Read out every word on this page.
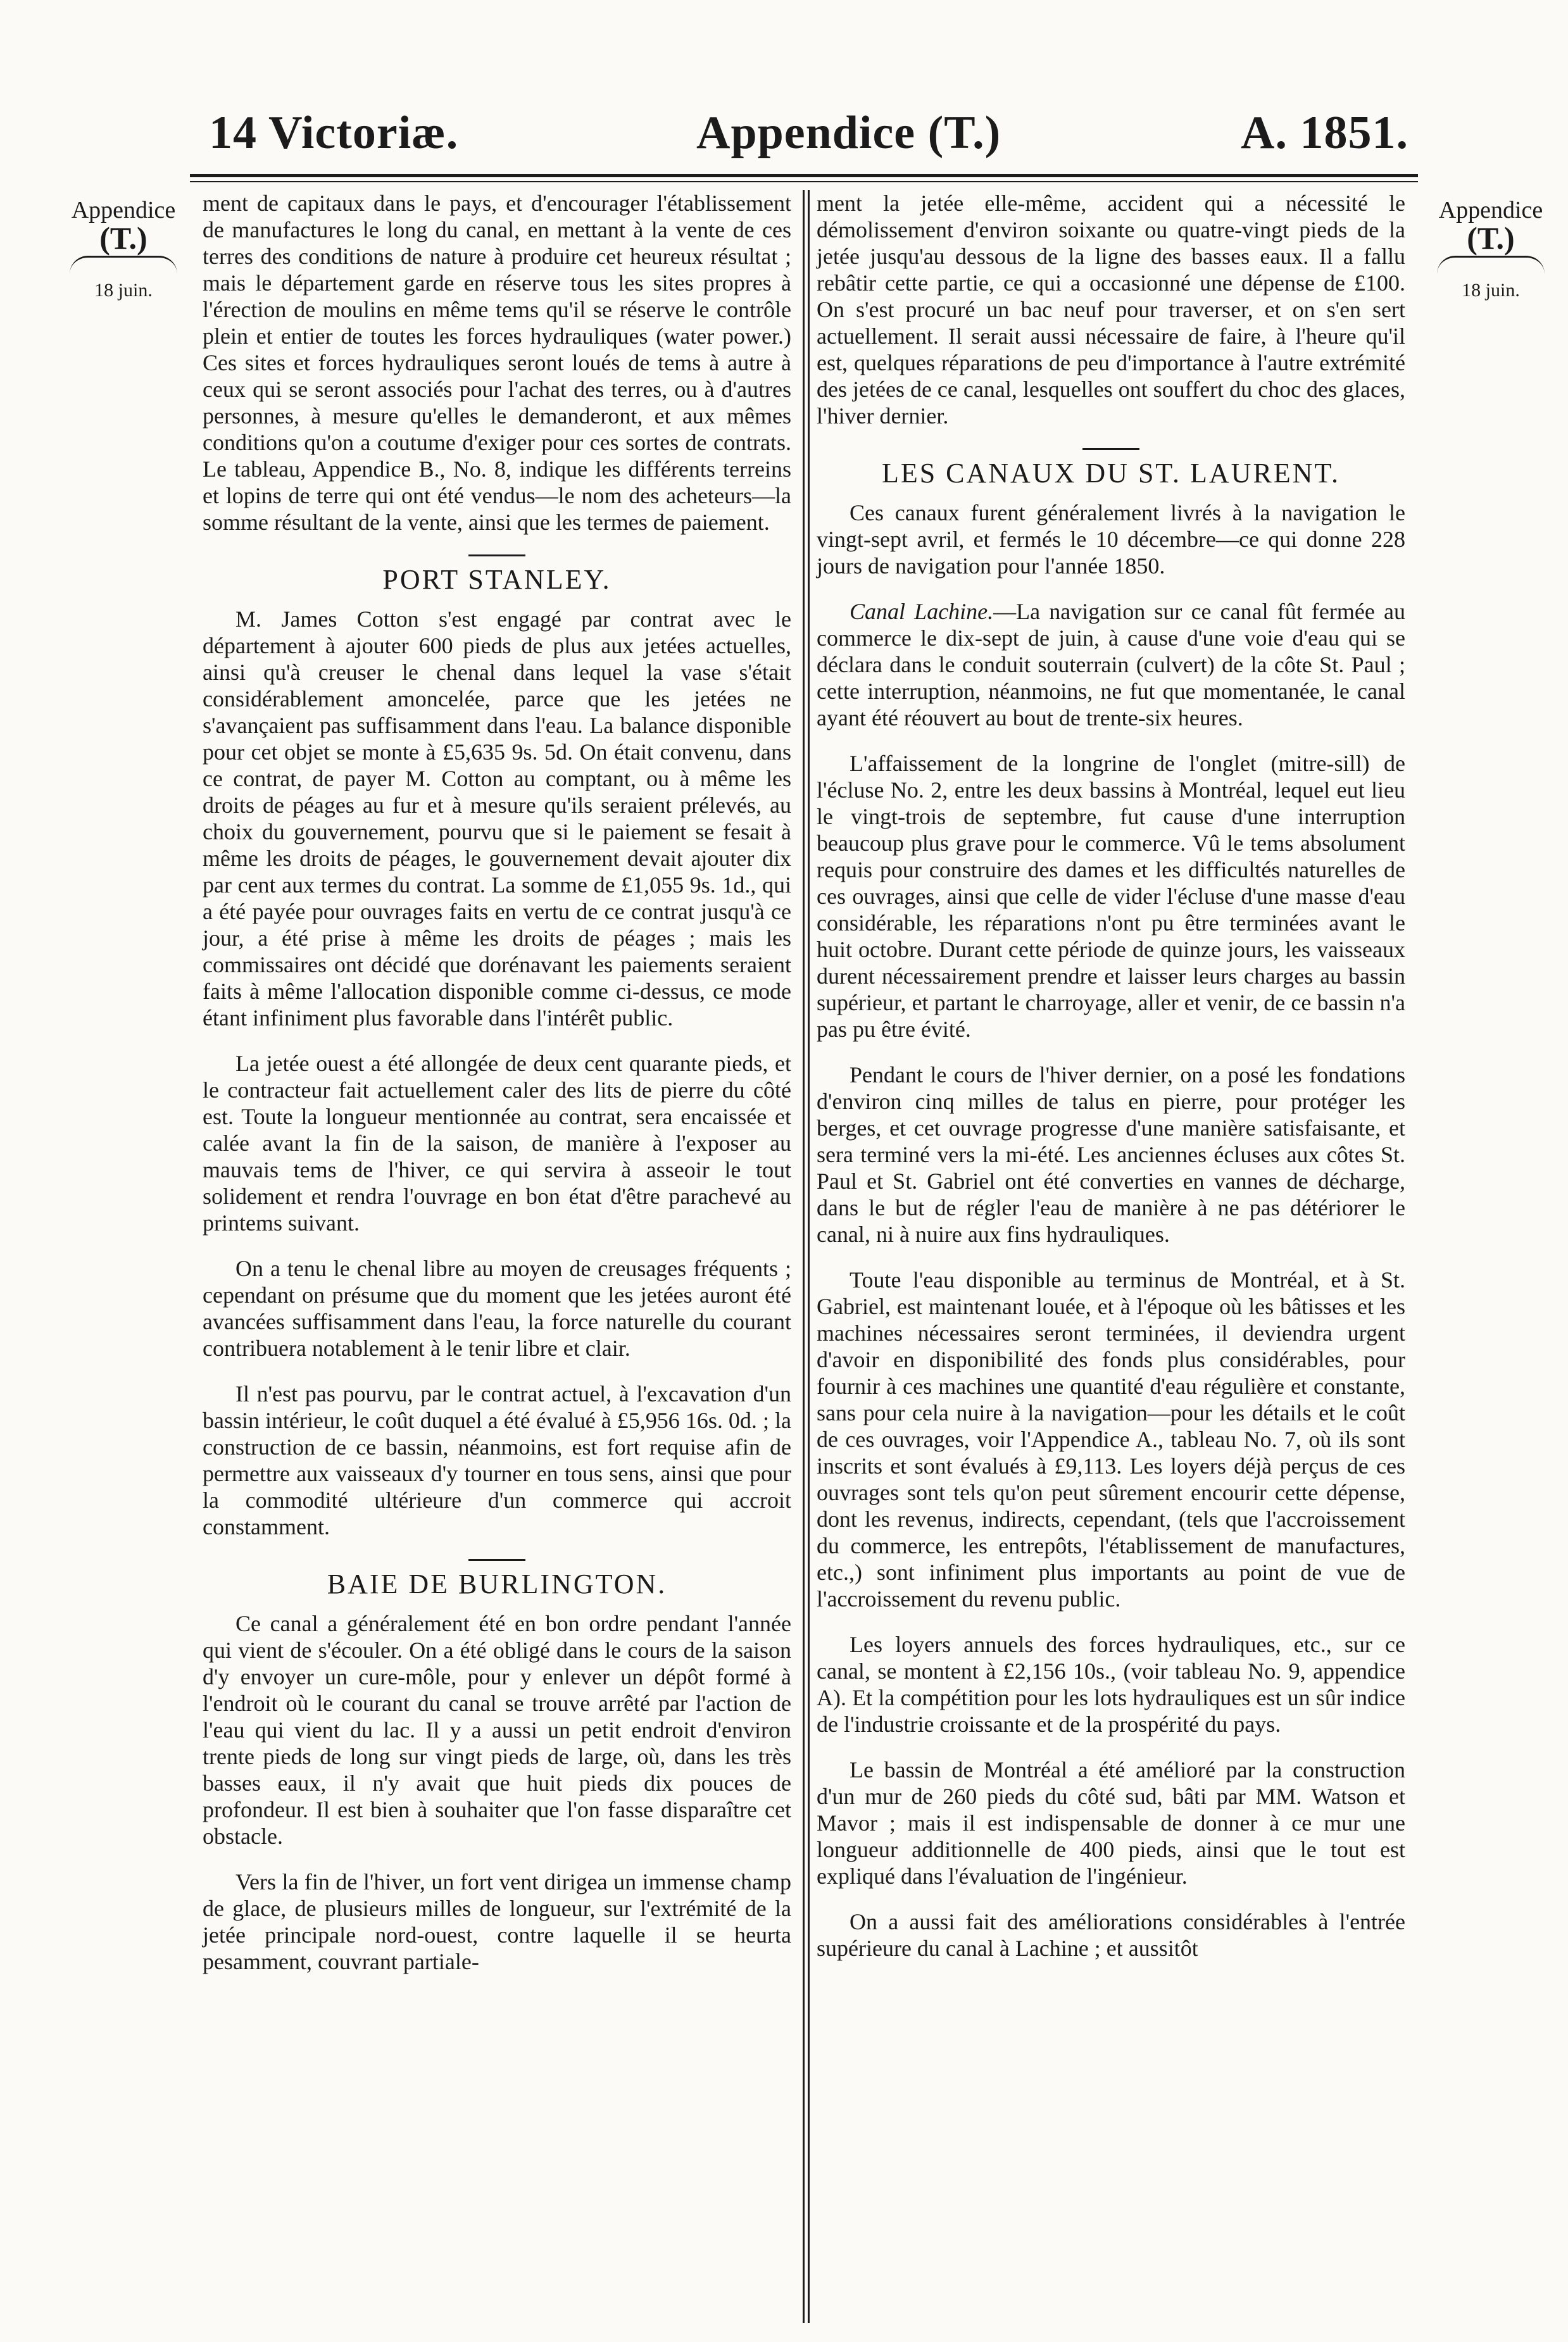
14 Victoriæ.	Appendice (T.)	A. 1851.
Appendice
(T.)
18 juin.
Appendice
(T.)
18 juin.

ment de capitaux dans le pays, et d'encourager l'établissement de manufactures le long du canal, en mettant à la vente de ces terres des conditions de nature à produire cet heureux résultat ; mais le département garde en réserve tous les sites propres à l'érection de moulins en même tems qu'il se réserve le contrôle plein et entier de toutes les forces hydrauliques (water power.) Ces sites et forces hydrauliques seront loués de tems à autre à ceux qui se seront associés pour l'achat des terres, ou à d'autres personnes, à mesure qu'elles le demanderont, et aux mêmes conditions qu'on a coutume d'exiger pour ces sortes de contrats. Le tableau, Appendice B., No. 8, indique les différents terreins et lopins de terre qui ont été vendus—le nom des acheteurs—la somme résultant de la vente, ainsi que les termes de paiement.

PORT STANLEY.

M. James Cotton s'est engagé par contrat avec le département à ajouter 600 pieds de plus aux jetées actuelles, ainsi qu'à creuser le chenal dans lequel la vase s'était considérablement amoncelée, parce que les jetées ne s'avançaient pas suffisamment dans l'eau. La balance disponible pour cet objet se monte à £5,635 9s. 5d. On était convenu, dans ce contrat, de payer M. Cotton au comptant, ou à même les droits de péages au fur et à mesure qu'ils seraient prélevés, au choix du gouvernement, pourvu que si le paiement se fesait à même les droits de péages, le gouvernement devait ajouter dix par cent aux termes du contrat. La somme de £1,055 9s. 1d., qui a été payée pour ouvrages faits en vertu de ce contrat jusqu'à ce jour, a été prise à même les droits de péages ; mais les commissaires ont décidé que dorénavant les paiements seraient faits à même l'allocation disponible comme ci-dessus, ce mode étant infiniment plus favorable dans l'intérêt public.

La jetée ouest a été allongée de deux cent quarante pieds, et le contracteur fait actuellement caler des lits de pierre du côté est. Toute la longueur mentionnée au contrat, sera encaissée et calée avant la fin de la saison, de manière à l'exposer au mauvais tems de l'hiver, ce qui servira à asseoir le tout solidement et rendra l'ouvrage en bon état d'être parachevé au printems suivant.

On a tenu le chenal libre au moyen de creusages fréquents ; cependant on présume que du moment que les jetées auront été avancées suffisamment dans l'eau, la force naturelle du courant contribuera notablement à le tenir libre et clair.

Il n'est pas pourvu, par le contrat actuel, à l'excavation d'un bassin intérieur, le coût duquel a été évalué à £5,956 16s. 0d. ; la construction de ce bassin, néanmoins, est fort requise afin de permettre aux vaisseaux d'y tourner en tous sens, ainsi que pour la commodité ultérieure d'un commerce qui accroit constamment.

BAIE DE BURLINGTON.

Ce canal a généralement été en bon ordre pendant l'année qui vient de s'écouler. On a été obligé dans le cours de la saison d'y envoyer un cure-môle, pour y enlever un dépôt formé à l'endroit où le courant du canal se trouve arrêté par l'action de l'eau qui vient du lac. Il y a aussi un petit endroit d'environ trente pieds de long sur vingt pieds de large, où, dans les très basses eaux, il n'y avait que huit pieds dix pouces de profondeur. Il est bien à souhaiter que l'on fasse disparaître cet obstacle.

Vers la fin de l'hiver, un fort vent dirigea un immense champ de glace, de plusieurs milles de longueur, sur l'extrémité de la jetée principale nord-ouest, contre laquelle il se heurta pesamment, couvrant partiale-

ment la jetée elle-même, accident qui a nécessité le démolissement d'environ soixante ou quatre-vingt pieds de la jetée jusqu'au dessous de la ligne des basses eaux. Il a fallu rebâtir cette partie, ce qui a occasionné une dépense de £100. On s'est procuré un bac neuf pour traverser, et on s'en sert actuellement. Il serait aussi nécessaire de faire, à l'heure qu'il est, quelques réparations de peu d'importance à l'autre extrémité des jetées de ce canal, lesquelles ont souffert du choc des glaces, l'hiver dernier.

LES CANAUX DU ST. LAURENT.

Ces canaux furent généralement livrés à la navigation le vingt-sept avril, et fermés le 10 décembre—ce qui donne 228 jours de navigation pour l'année 1850.

Canal Lachine.—La navigation sur ce canal fût fermée au commerce le dix-sept de juin, à cause d'une voie d'eau qui se déclara dans le conduit souterrain (culvert) de la côte St. Paul ; cette interruption, néanmoins, ne fut que momentanée, le canal ayant été réouvert au bout de trente-six heures.

L'affaissement de la longrine de l'onglet (mitre-sill) de l'écluse No. 2, entre les deux bassins à Montréal, lequel eut lieu le vingt-trois de septembre, fut cause d'une interruption beaucoup plus grave pour le commerce. Vû le tems absolument requis pour construire des dames et les difficultés naturelles de ces ouvrages, ainsi que celle de vider l'écluse d'une masse d'eau considérable, les réparations n'ont pu être terminées avant le huit octobre. Durant cette période de quinze jours, les vaisseaux durent nécessairement prendre et laisser leurs charges au bassin supérieur, et partant le charroyage, aller et venir, de ce bassin n'a pas pu être évité.

Pendant le cours de l'hiver dernier, on a posé les fondations d'environ cinq milles de talus en pierre, pour protéger les berges, et cet ouvrage progresse d'une manière satisfaisante, et sera terminé vers la mi-été. Les anciennes écluses aux côtes St. Paul et St. Gabriel ont été converties en vannes de décharge, dans le but de régler l'eau de manière à ne pas détériorer le canal, ni à nuire aux fins hydrauliques.

Toute l'eau disponible au terminus de Montréal, et à St. Gabriel, est maintenant louée, et à l'époque où les bâtisses et les machines nécessaires seront terminées, il deviendra urgent d'avoir en disponibilité des fonds plus considérables, pour fournir à ces machines une quantité d'eau régulière et constante, sans pour cela nuire à la navigation—pour les détails et le coût de ces ouvrages, voir l'Appendice A., tableau No. 7, où ils sont inscrits et sont évalués à £9,113. Les loyers déjà perçus de ces ouvrages sont tels qu'on peut sûrement encourir cette dépense, dont les revenus, indirects, cependant, (tels que l'accroissement du commerce, les entrepôts, l'établissement de manufactures, etc.,) sont infiniment plus importants au point de vue de l'accroissement du revenu public.

Les loyers annuels des forces hydrauliques, etc., sur ce canal, se montent à £2,156 10s., (voir tableau No. 9, appendice A). Et la compétition pour les lots hydrauliques est un sûr indice de l'industrie croissante et de la prospérité du pays.

Le bassin de Montréal a été amélioré par la construction d'un mur de 260 pieds du côté sud, bâti par MM. Watson et Mavor ; mais il est indispensable de donner à ce mur une longueur additionnelle de 400 pieds, ainsi que le tout est expliqué dans l'évaluation de l'ingénieur.

On a aussi fait des améliorations considérables à l'entrée supérieure du canal à Lachine ; et aussitôt
